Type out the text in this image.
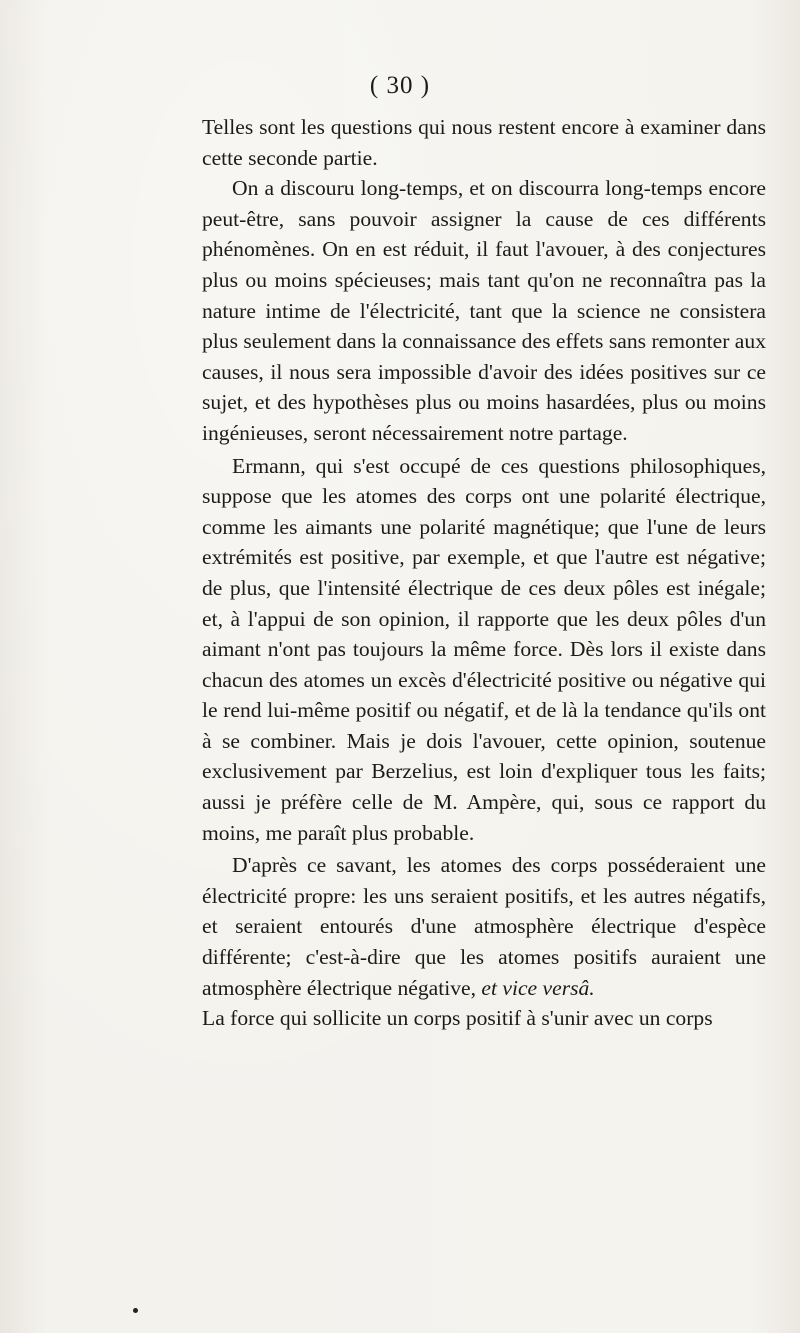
( 30 )

Telles sont les questions qui nous restent encore à examiner dans cette seconde partie.

On a discouru long-temps, et on discourra long-temps encore peut-être, sans pouvoir assigner la cause de ces différents phénomènes. On en est réduit, il faut l'avouer, à des conjectures plus ou moins spécieuses; mais tant qu'on ne reconnaîtra pas la nature intime de l'électricité, tant que la science ne consistera plus seulement dans la connaissance des effets sans remonter aux causes, il nous sera impossible d'avoir des idées positives sur ce sujet, et des hypothèses plus ou moins hasardées, plus ou moins ingénieuses, seront nécessairement notre partage.

Ermann, qui s'est occupé de ces questions philosophiques, suppose que les atomes des corps ont une polarité électrique, comme les aimants une polarité magnétique; que l'une de leurs extrémités est positive, par exemple, et que l'autre est négative; de plus, que l'intensité électrique de ces deux pôles est inégale; et, à l'appui de son opinion, il rapporte que les deux pôles d'un aimant n'ont pas toujours la même force. Dès lors il existe dans chacun des atomes un excès d'électricité positive ou négative qui le rend lui-même positif ou négatif, et de là la tendance qu'ils ont à se combiner. Mais je dois l'avouer, cette opinion, soutenue exclusivement par Berzelius, est loin d'expliquer tous les faits; aussi je préfère celle de M. Ampère, qui, sous ce rapport du moins, me paraît plus probable.

D'après ce savant, les atomes des corps posséderaient une électricité propre: les uns seraient positifs, et les autres négatifs, et seraient entourés d'une atmosphère électrique d'espèce différente; c'est-à-dire que les atomes positifs auraient une atmosphère électrique négative, et vice versâ.

La force qui sollicite un corps positif à s'unir avec un corps
